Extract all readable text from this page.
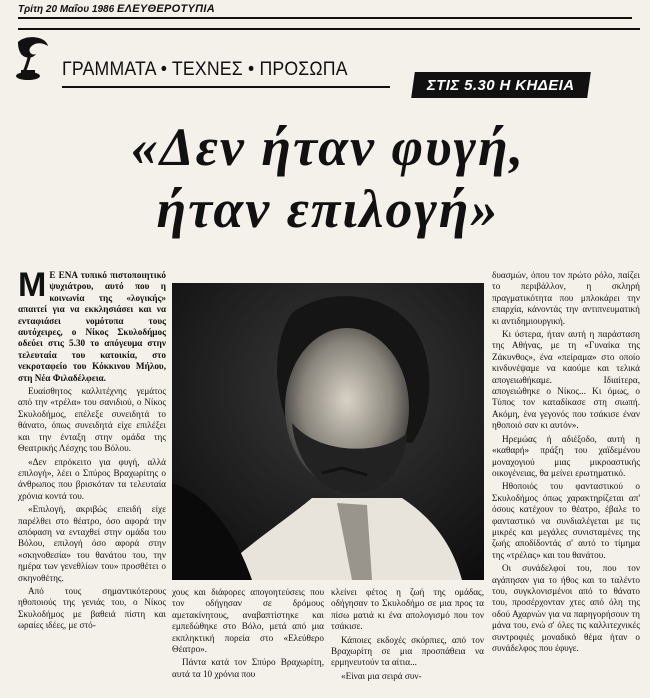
Τρίτη 20 Μαΐου 1986 ΕΛΕΥΘΕΡΟΤΥΠΙΑ
ΓΡΑΜΜΑΤΑ • ΤΕΧΝΕΣ • ΠΡΟΣΩΠΑ
ΣΤΙΣ 5.30 Η ΚΗΔΕΙΑ
«Δεν ήταν φυγή,
ήταν επιλογή»

Μ Ε ΕΝΑ τυπικό πιστοποιητικό ψυχιάτρου, αυτό που η κοινωνία της «λογικής» απαιτεί για να εκκλησιάσει και να ενταφιάσει νομότυπα τους αυτόχειρες, ο Νίκος Σκυλοδήμος οδεύει στις 5.30 το απόγευμα στην τελευταία του κατοικία, στο νεκροταφείο του Κόκκινου Μήλου, στη Νέα Φιλαδέλφεια.

Ευαίσθητος καλλιτέχνης γεμάτος από την «τρέλα» του σανιδιού, ο Νίκος Σκυλοδήμος, επέλεξε συνειδητά το θάνατο, όπως συνειδητά είχε επιλέξει και την ένταξη στην ομάδα της Θεατρικής Λέσχης του Βόλου.

«Δεν επρόκειτο για φυγή, αλλά επιλογή», λέει ο Σπύρος Βραχωρίτης ο άνθρωπος που βρισκόταν τα τελευταία χρόνια κοντά του.

«Επιλογή, ακριβώς επειδή είχε παρέλθει στο θέατρο, όσο αφορά την απόφαση να ενταχθεί στην ομάδα του Βόλου, επιλογή όσο αφορά στην «σκηνοθεσία» του θανάτου του, την ημέρα των γενεθλίων του» προσθέτει ο σκηνοθέτης.

Από τους σημαντικότερους ηθοποιούς της γενιάς του, ο Νίκος Σκυλοδήμος με βαθειά πίστη και ωραίες ιδέες, με στό-

χους και διάφορες απογοητεύσεις που τον οδήγησαν σε δρόμους αμετακίνητους, αναβαπτίστηκε και εμπεδώθηκε στο Βόλο, μετά από μια εκπληκτική πορεία στο «Ελεύθερο Θέατρο».

Πάντα κατά τον Σπύρο Βραχωρίτη, αυτά τα 10 χρόνια που

κλείνει φέτος η ζωή της ομάδας, οδήγησαν το Σκυλοδήμο σε μια προς τα πίσω ματιά κι ένα απολογισμό που τον τσάκισε.

Κάποιες εκδοχές σκόρπιες, από τον Βραχωρίτη σε μια προσπάθεια να ερμηνευτούν τα αίτια...

«Είναι μια σειρά συν-

δυασμών, όπου τον πρώτο ρόλο, παίζει το περιβάλλον, η σκληρή πραγματικότητα που μπλοκάρει την επαρχία, κάνοντάς την αντιπνευματική κι αντιδημιουργική.

Κι ύστερα, ήταν αυτή η παράσταση της Αθήνας, με τη «Γυναίκα της Ζάκυνθος», ένα «πείραμα» στο οποίο κινδυνέψαμε να καούμε και τελικά απογειωθήκαμε. Ιδιαίτερα, απογειώθηκε ο Νίκος... Κι όμως, ο Τύπος τον καταδίκασε στη σιωπή. Ακόμη, ένα γεγονός που τσάκισε έναν ηθοποιό σαν κι αυτόν».

Ηρεμώας ή αδιέξοδο, αυτή η «καθαρή» πράξη του χαϊδεμένου μοναχογιού μιας μικροαστικής οικογένειας, θα μείνει ερωτηματικό.

Ηθοποιός του φανταστικού ο Σκυλοδήμος όπως χαρακτηρίζεται απ' όσους κατέχουν το θέατρο, έβαλε το φανταστικό να συνδιαλέγεται με τις μικρές και μεγάλες συνισταμένες της ζωής αποδίδοντάς σ' αυτό το τίμημα της «τρέλας» και του θανάτου.

Οι συνάδελφοί του, που τον αγάπησαν για το ήθος και το ταλέντο του, συγκλονισμένοι από το θάνατο του, προσέρχονταν χτες από όλη της οδού Αχαρνών για να παρηγορήσουν τη μάνα του, ενώ σ' όλες τις καλλιτεχνικές συντροφιές μοναδικό θέμα ήταν ο συνάδελφος που έφυγε.
